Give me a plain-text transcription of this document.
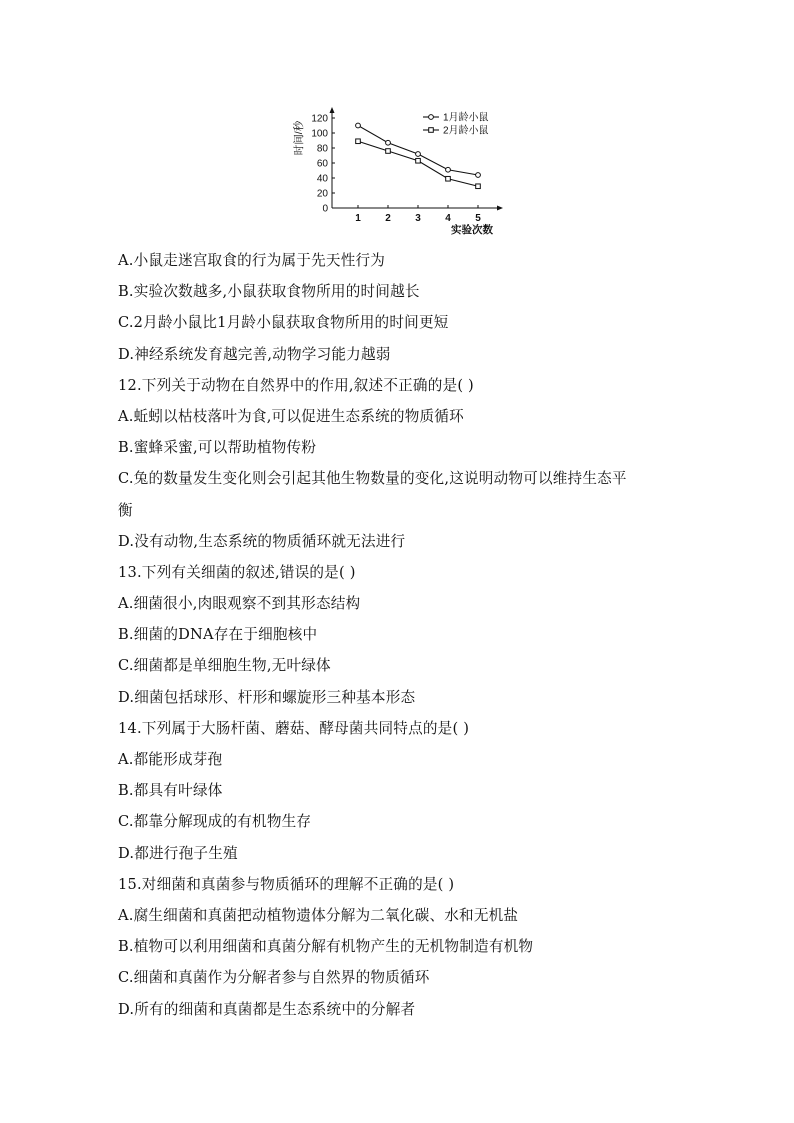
0
20
40
60
80
100
120
1 2 3 4 5
实验次数
时间/秒
1月龄小鼠
2月龄小鼠
A.小鼠走迷宫取食的行为属于先天性行为
B.实验次数越多,小鼠获取食物所用的时间越长
C.2月龄小鼠比1月龄小鼠获取食物所用的时间更短
D.神经系统发育越完善,动物学习能力越弱
12.下列关于动物在自然界中的作用,叙述不正确的是( )
A.蚯蚓以枯枝落叶为食,可以促进生态系统的物质循环
B.蜜蜂采蜜,可以帮助植物传粉
C.兔的数量发生变化则会引起其他生物数量的变化,这说明动物可以维持生态平
衡
D.没有动物,生态系统的物质循环就无法进行
13.下列有关细菌的叙述,错误的是( )
A.细菌很小,肉眼观察不到其形态结构
B.细菌的DNA存在于细胞核中
C.细菌都是单细胞生物,无叶绿体
D.细菌包括球形、杆形和螺旋形三种基本形态
14.下列属于大肠杆菌、蘑菇、酵母菌共同特点的是( )
A.都能形成芽孢
B.都具有叶绿体
C.都靠分解现成的有机物生存
D.都进行孢子生殖
15.对细菌和真菌参与物质循环的理解不正确的是( )
A.腐生细菌和真菌把动植物遗体分解为二氧化碳、水和无机盐
B.植物可以利用细菌和真菌分解有机物产生的无机物制造有机物
C.细菌和真菌作为分解者参与自然界的物质循环
D.所有的细菌和真菌都是生态系统中的分解者
